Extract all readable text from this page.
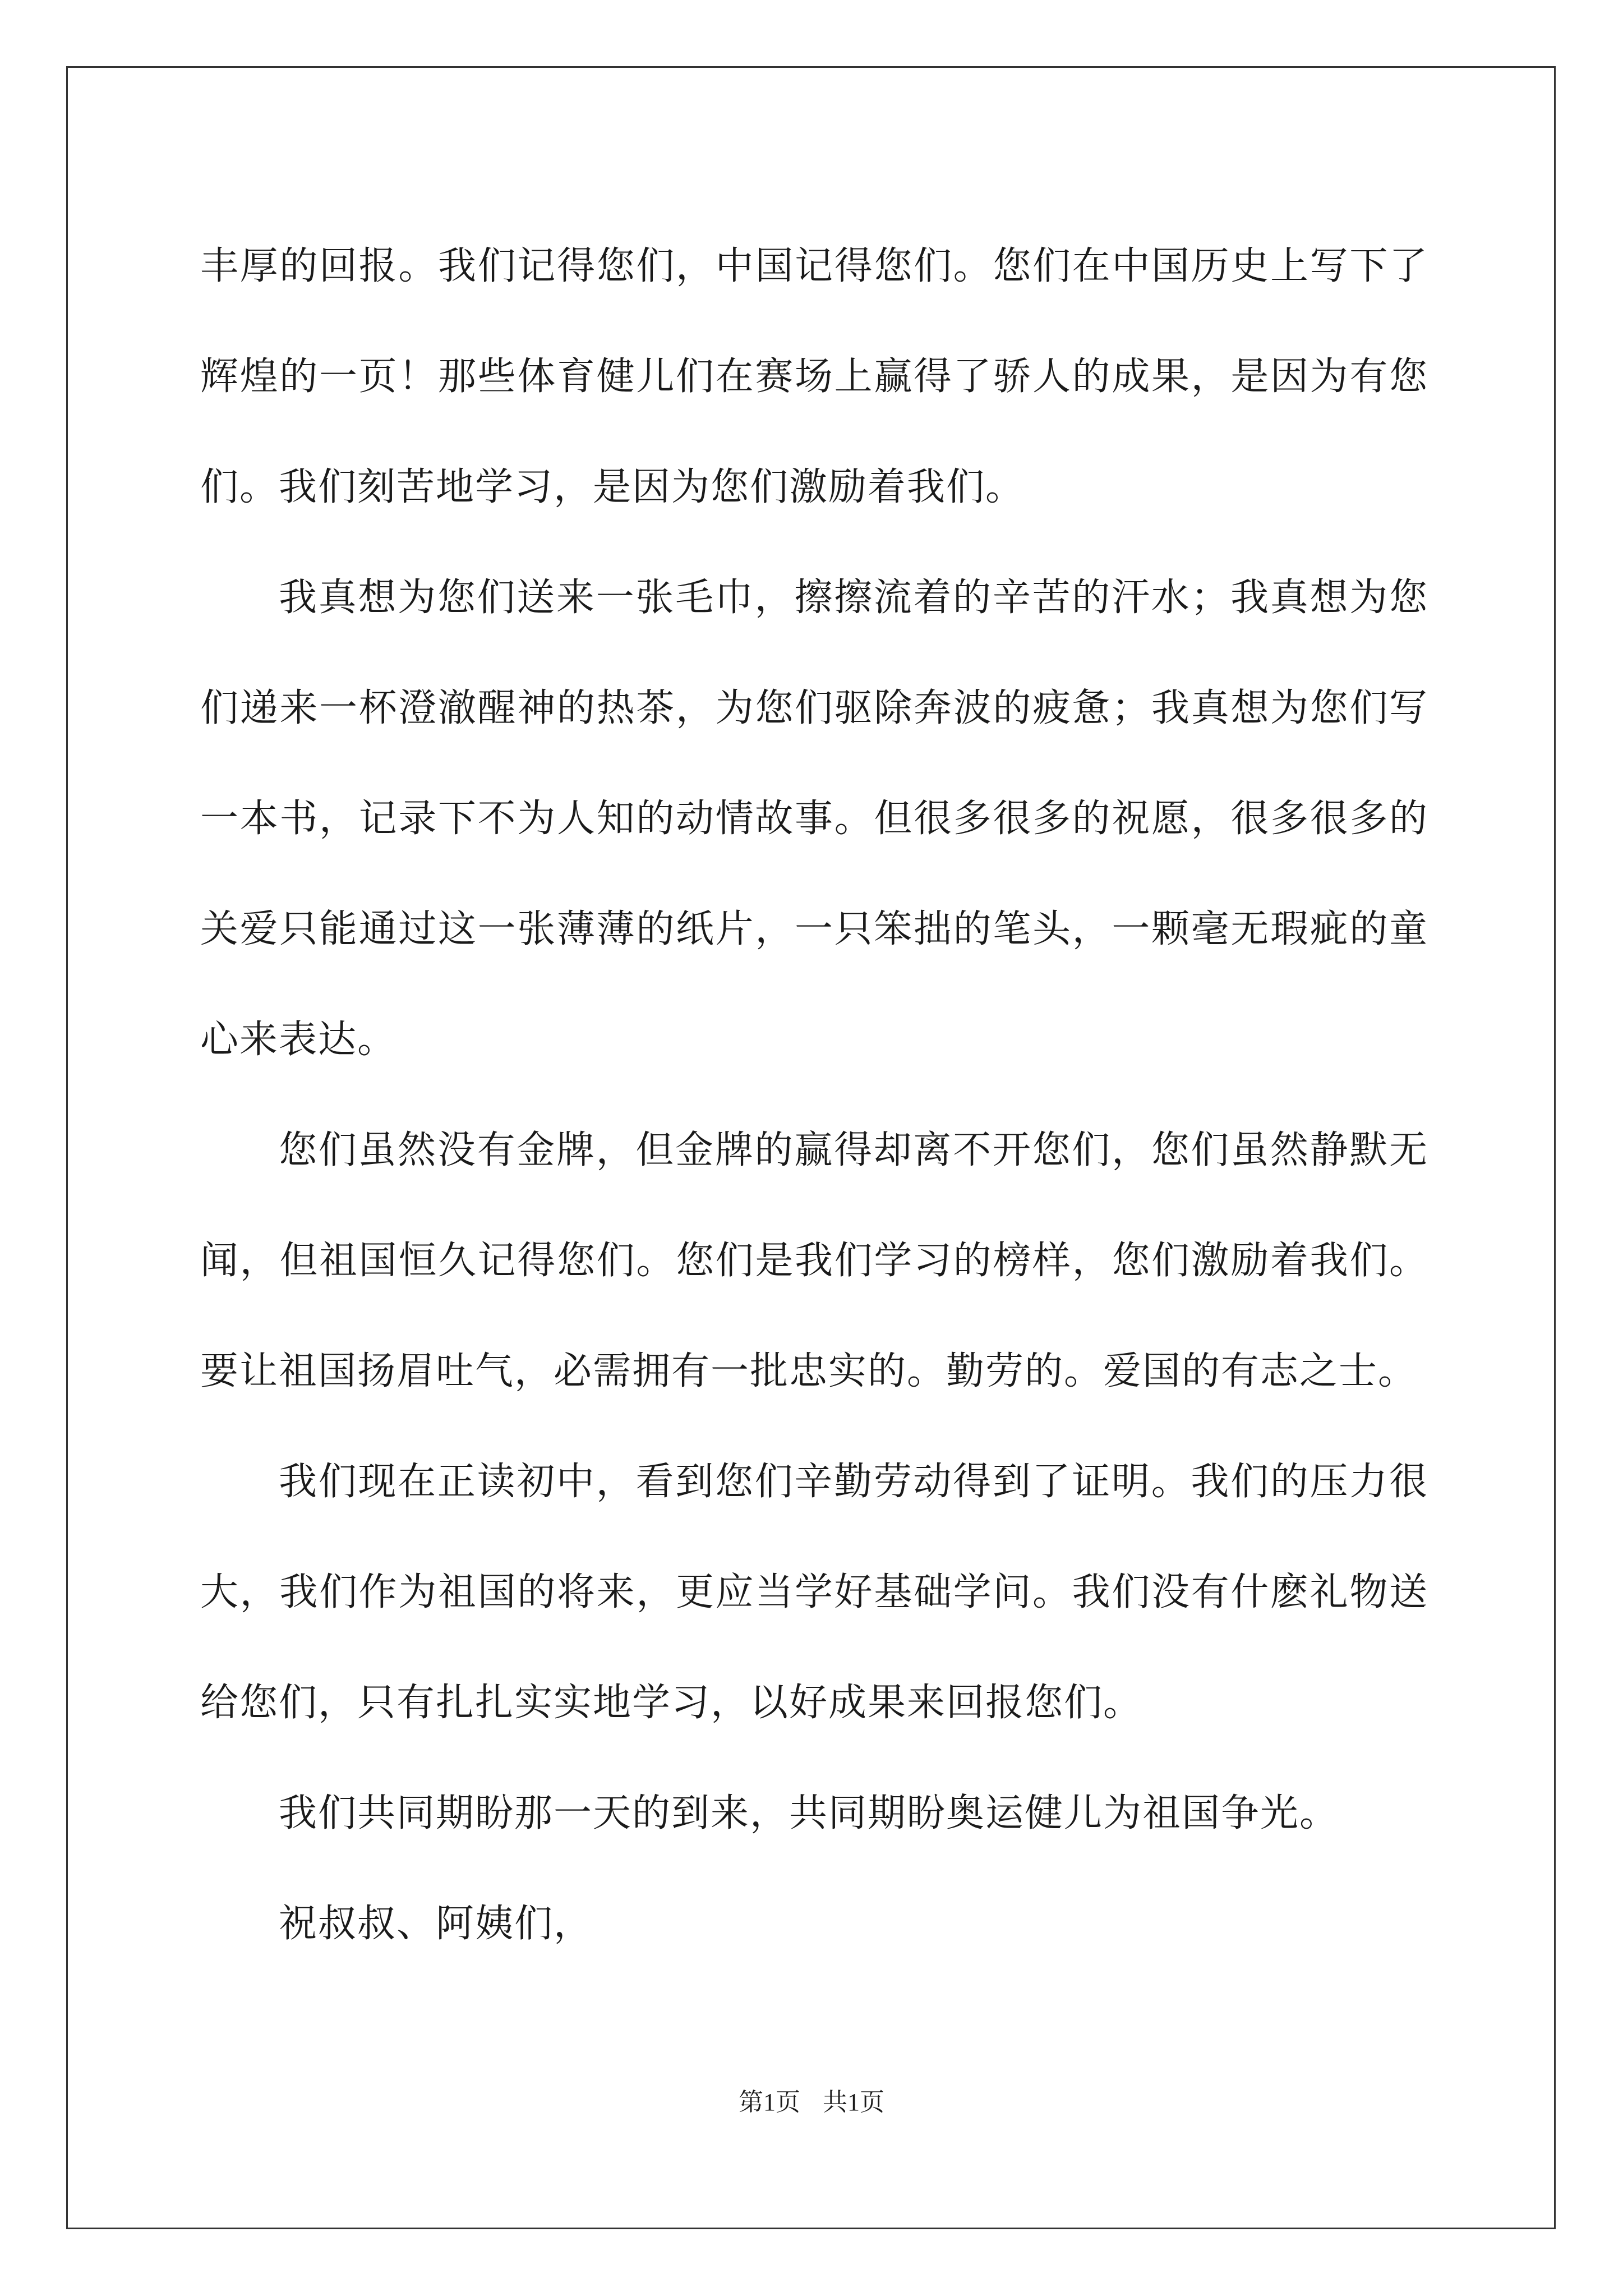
丰厚的回报。我们记得您们，中国记得您们。您们在中国历史上写下了辉煌的一页！那些体育健儿们在赛场上赢得了骄人的成果，是因为有您们。我们刻苦地学习，是因为您们激励着我们。

我真想为您们送来一张毛巾，擦擦流着的辛苦的汗水；我真想为您们递来一杯澄澈醒神的热茶，为您们驱除奔波的疲惫；我真想为您们写一本书，记录下不为人知的动情故事。但很多很多的祝愿，很多很多的关爱只能通过这一张薄薄的纸片，一只笨拙的笔头，一颗毫无瑕疵的童心来表达。

您们虽然没有金牌，但金牌的赢得却离不开您们，您们虽然静默无闻，但祖国恒久记得您们。您们是我们学习的榜样，您们激励着我们。要让祖国扬眉吐气，必需拥有一批忠实的。勤劳的。爱国的有志之士。

我们现在正读初中，看到您们辛勤劳动得到了证明。我们的压力很大，我们作为祖国的将来，更应当学好基础学问。我们没有什麽礼物送给您们，只有扎扎实实地学习，以好成果来回报您们。

我们共同期盼那一天的到来，共同期盼奥运健儿为祖国争光。

祝叔叔、阿姨们，

第1页 共1页
